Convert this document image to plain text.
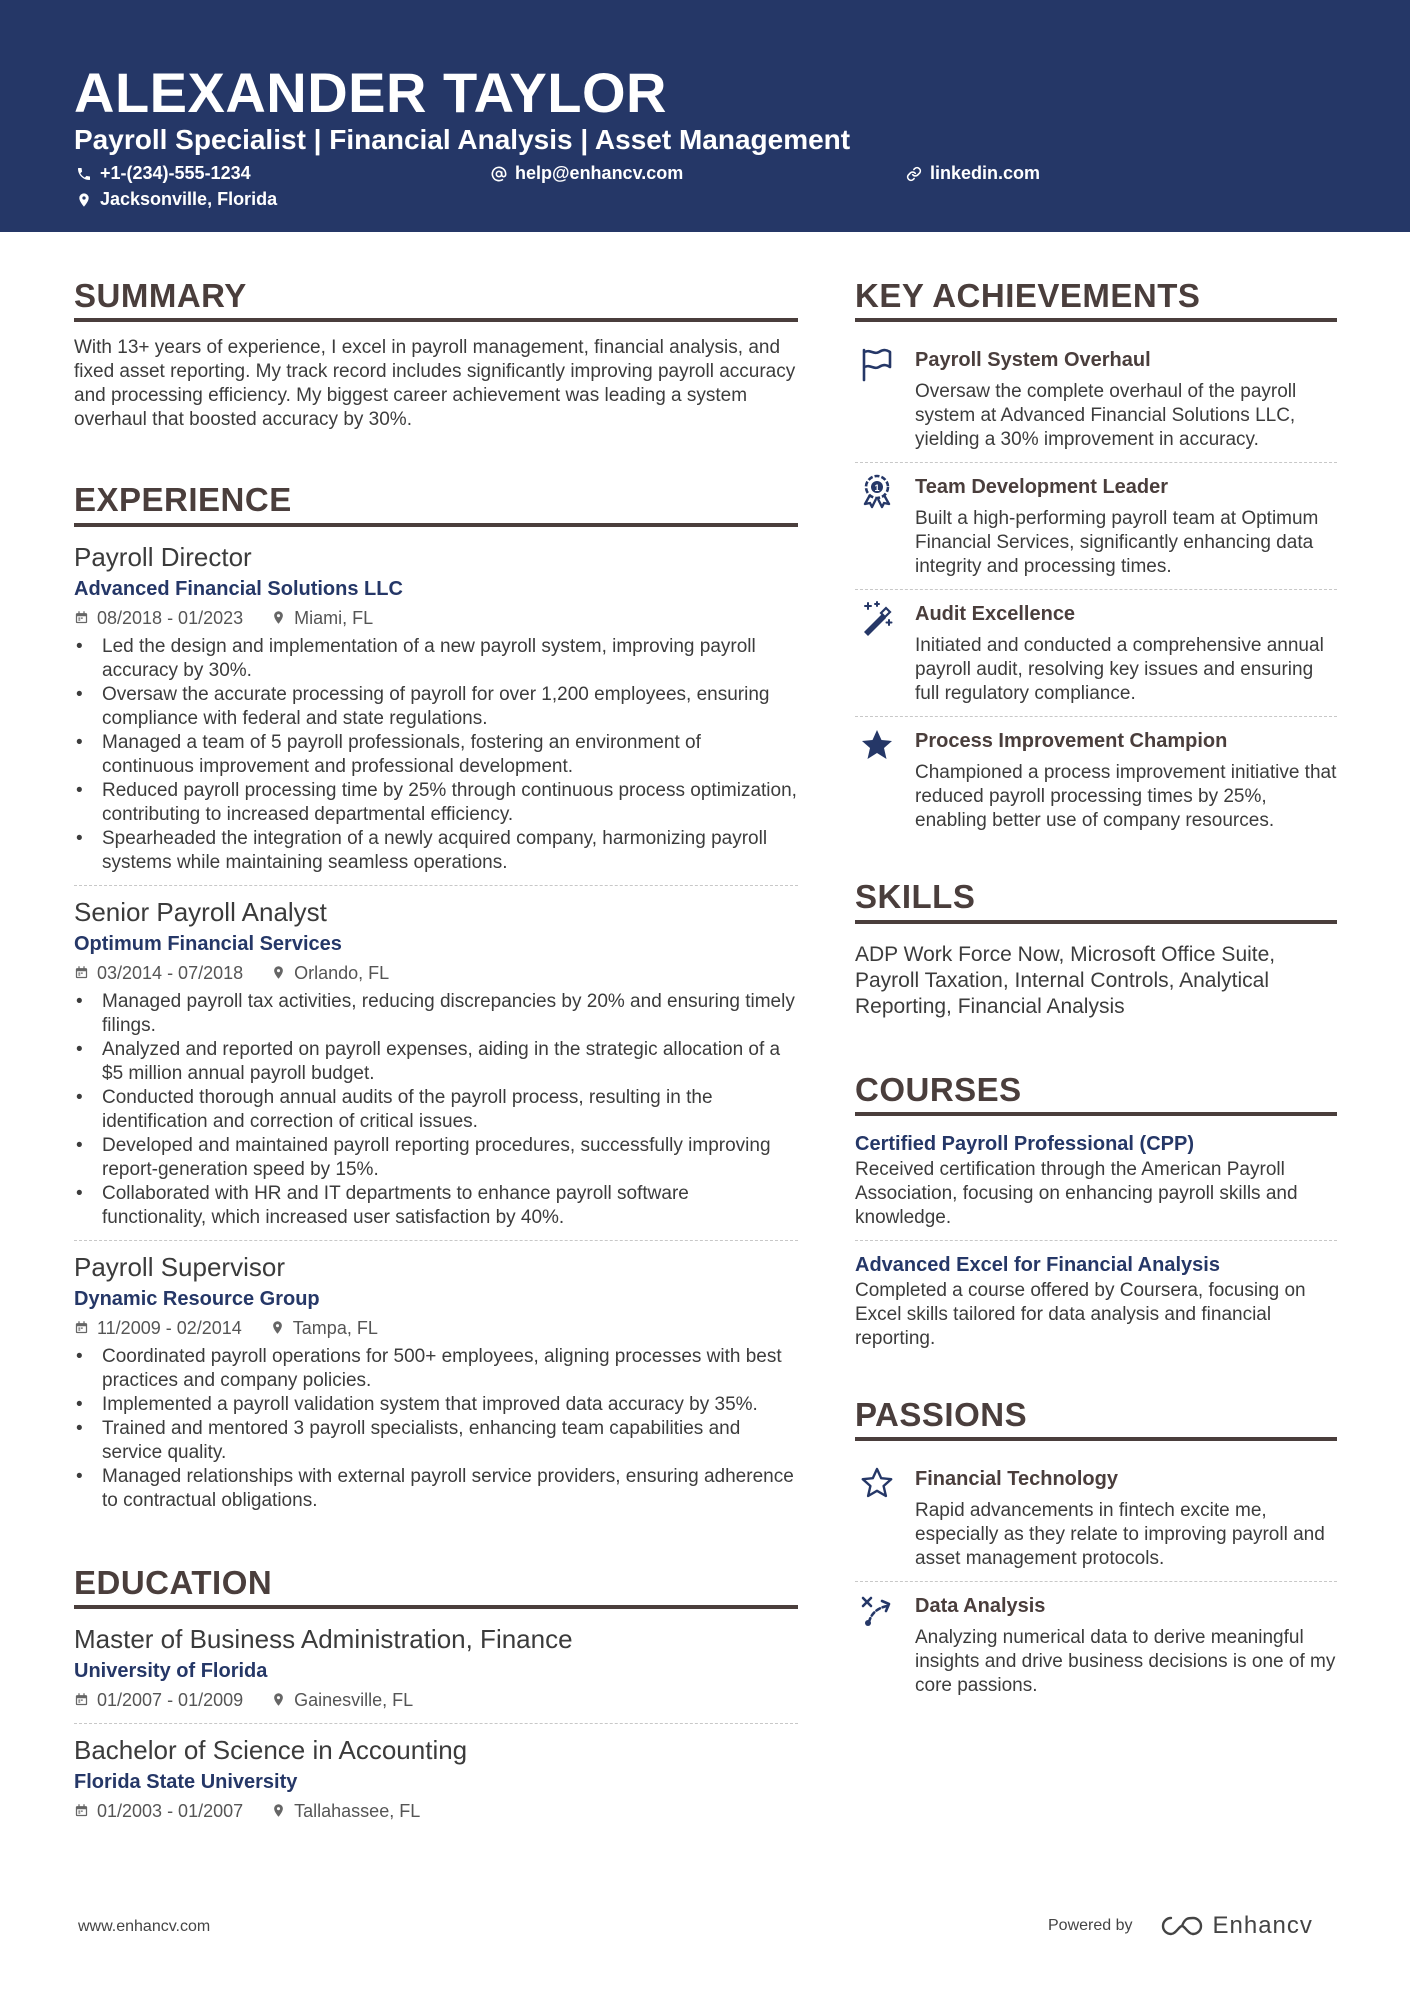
ALEXANDER TAYLOR
Payroll Specialist | Financial Analysis | Asset Management
+1-(234)-555-1234	help@enhancv.com	linkedin.com
Jacksonville, Florida
SUMMARY
With 13+ years of experience, I excel in payroll management, financial analysis, and fixed asset reporting. My track record includes significantly improving payroll accuracy and processing efficiency. My biggest career achievement was leading a system overhaul that boosted accuracy by 30%.
EXPERIENCE
Payroll Director
Advanced Financial Solutions LLC
08/2018 - 01/2023	Miami, FL
• Led the design and implementation of a new payroll system, improving payroll accuracy by 30%.
• Oversaw the accurate processing of payroll for over 1,200 employees, ensuring compliance with federal and state regulations.
• Managed a team of 5 payroll professionals, fostering an environment of continuous improvement and professional development.
• Reduced payroll processing time by 25% through continuous process optimization, contributing to increased departmental efficiency.
• Spearheaded the integration of a newly acquired company, harmonizing payroll systems while maintaining seamless operations.
Senior Payroll Analyst
Optimum Financial Services
03/2014 - 07/2018	Orlando, FL
• Managed payroll tax activities, reducing discrepancies by 20% and ensuring timely filings.
• Analyzed and reported on payroll expenses, aiding in the strategic allocation of a $5 million annual payroll budget.
• Conducted thorough annual audits of the payroll process, resulting in the identification and correction of critical issues.
• Developed and maintained payroll reporting procedures, successfully improving report-generation speed by 15%.
• Collaborated with HR and IT departments to enhance payroll software functionality, which increased user satisfaction by 40%.
Payroll Supervisor
Dynamic Resource Group
11/2009 - 02/2014	Tampa, FL
• Coordinated payroll operations for 500+ employees, aligning processes with best practices and company policies.
• Implemented a payroll validation system that improved data accuracy by 35%.
• Trained and mentored 3 payroll specialists, enhancing team capabilities and service quality.
• Managed relationships with external payroll service providers, ensuring adherence to contractual obligations.
EDUCATION
Master of Business Administration, Finance
University of Florida
01/2007 - 01/2009	Gainesville, FL
Bachelor of Science in Accounting
Florida State University
01/2003 - 01/2007	Tallahassee, FL
KEY ACHIEVEMENTS
Payroll System Overhaul
Oversaw the complete overhaul of the payroll system at Advanced Financial Solutions LLC, yielding a 30% improvement in accuracy.
1 Team Development Leader
Built a high-performing payroll team at Optimum Financial Services, significantly enhancing data integrity and processing times.
Audit Excellence
Initiated and conducted a comprehensive annual payroll audit, resolving key issues and ensuring full regulatory compliance.
Process Improvement Champion
Championed a process improvement initiative that reduced payroll processing times by 25%, enabling better use of company resources.
SKILLS
ADP Work Force Now, Microsoft Office Suite, Payroll Taxation, Internal Controls, Analytical Reporting, Financial Analysis
COURSES
Certified Payroll Professional (CPP)
Received certification through the American Payroll Association, focusing on enhancing payroll skills and knowledge.
Advanced Excel for Financial Analysis
Completed a course offered by Coursera, focusing on Excel skills tailored for data analysis and financial reporting.
PASSIONS
Financial Technology
Rapid advancements in fintech excite me, especially as they relate to improving payroll and asset management protocols.
Data Analysis
Analyzing numerical data to derive meaningful insights and drive business decisions is one of my core passions.
www.enhancv.com	Powered by	Enhancv
